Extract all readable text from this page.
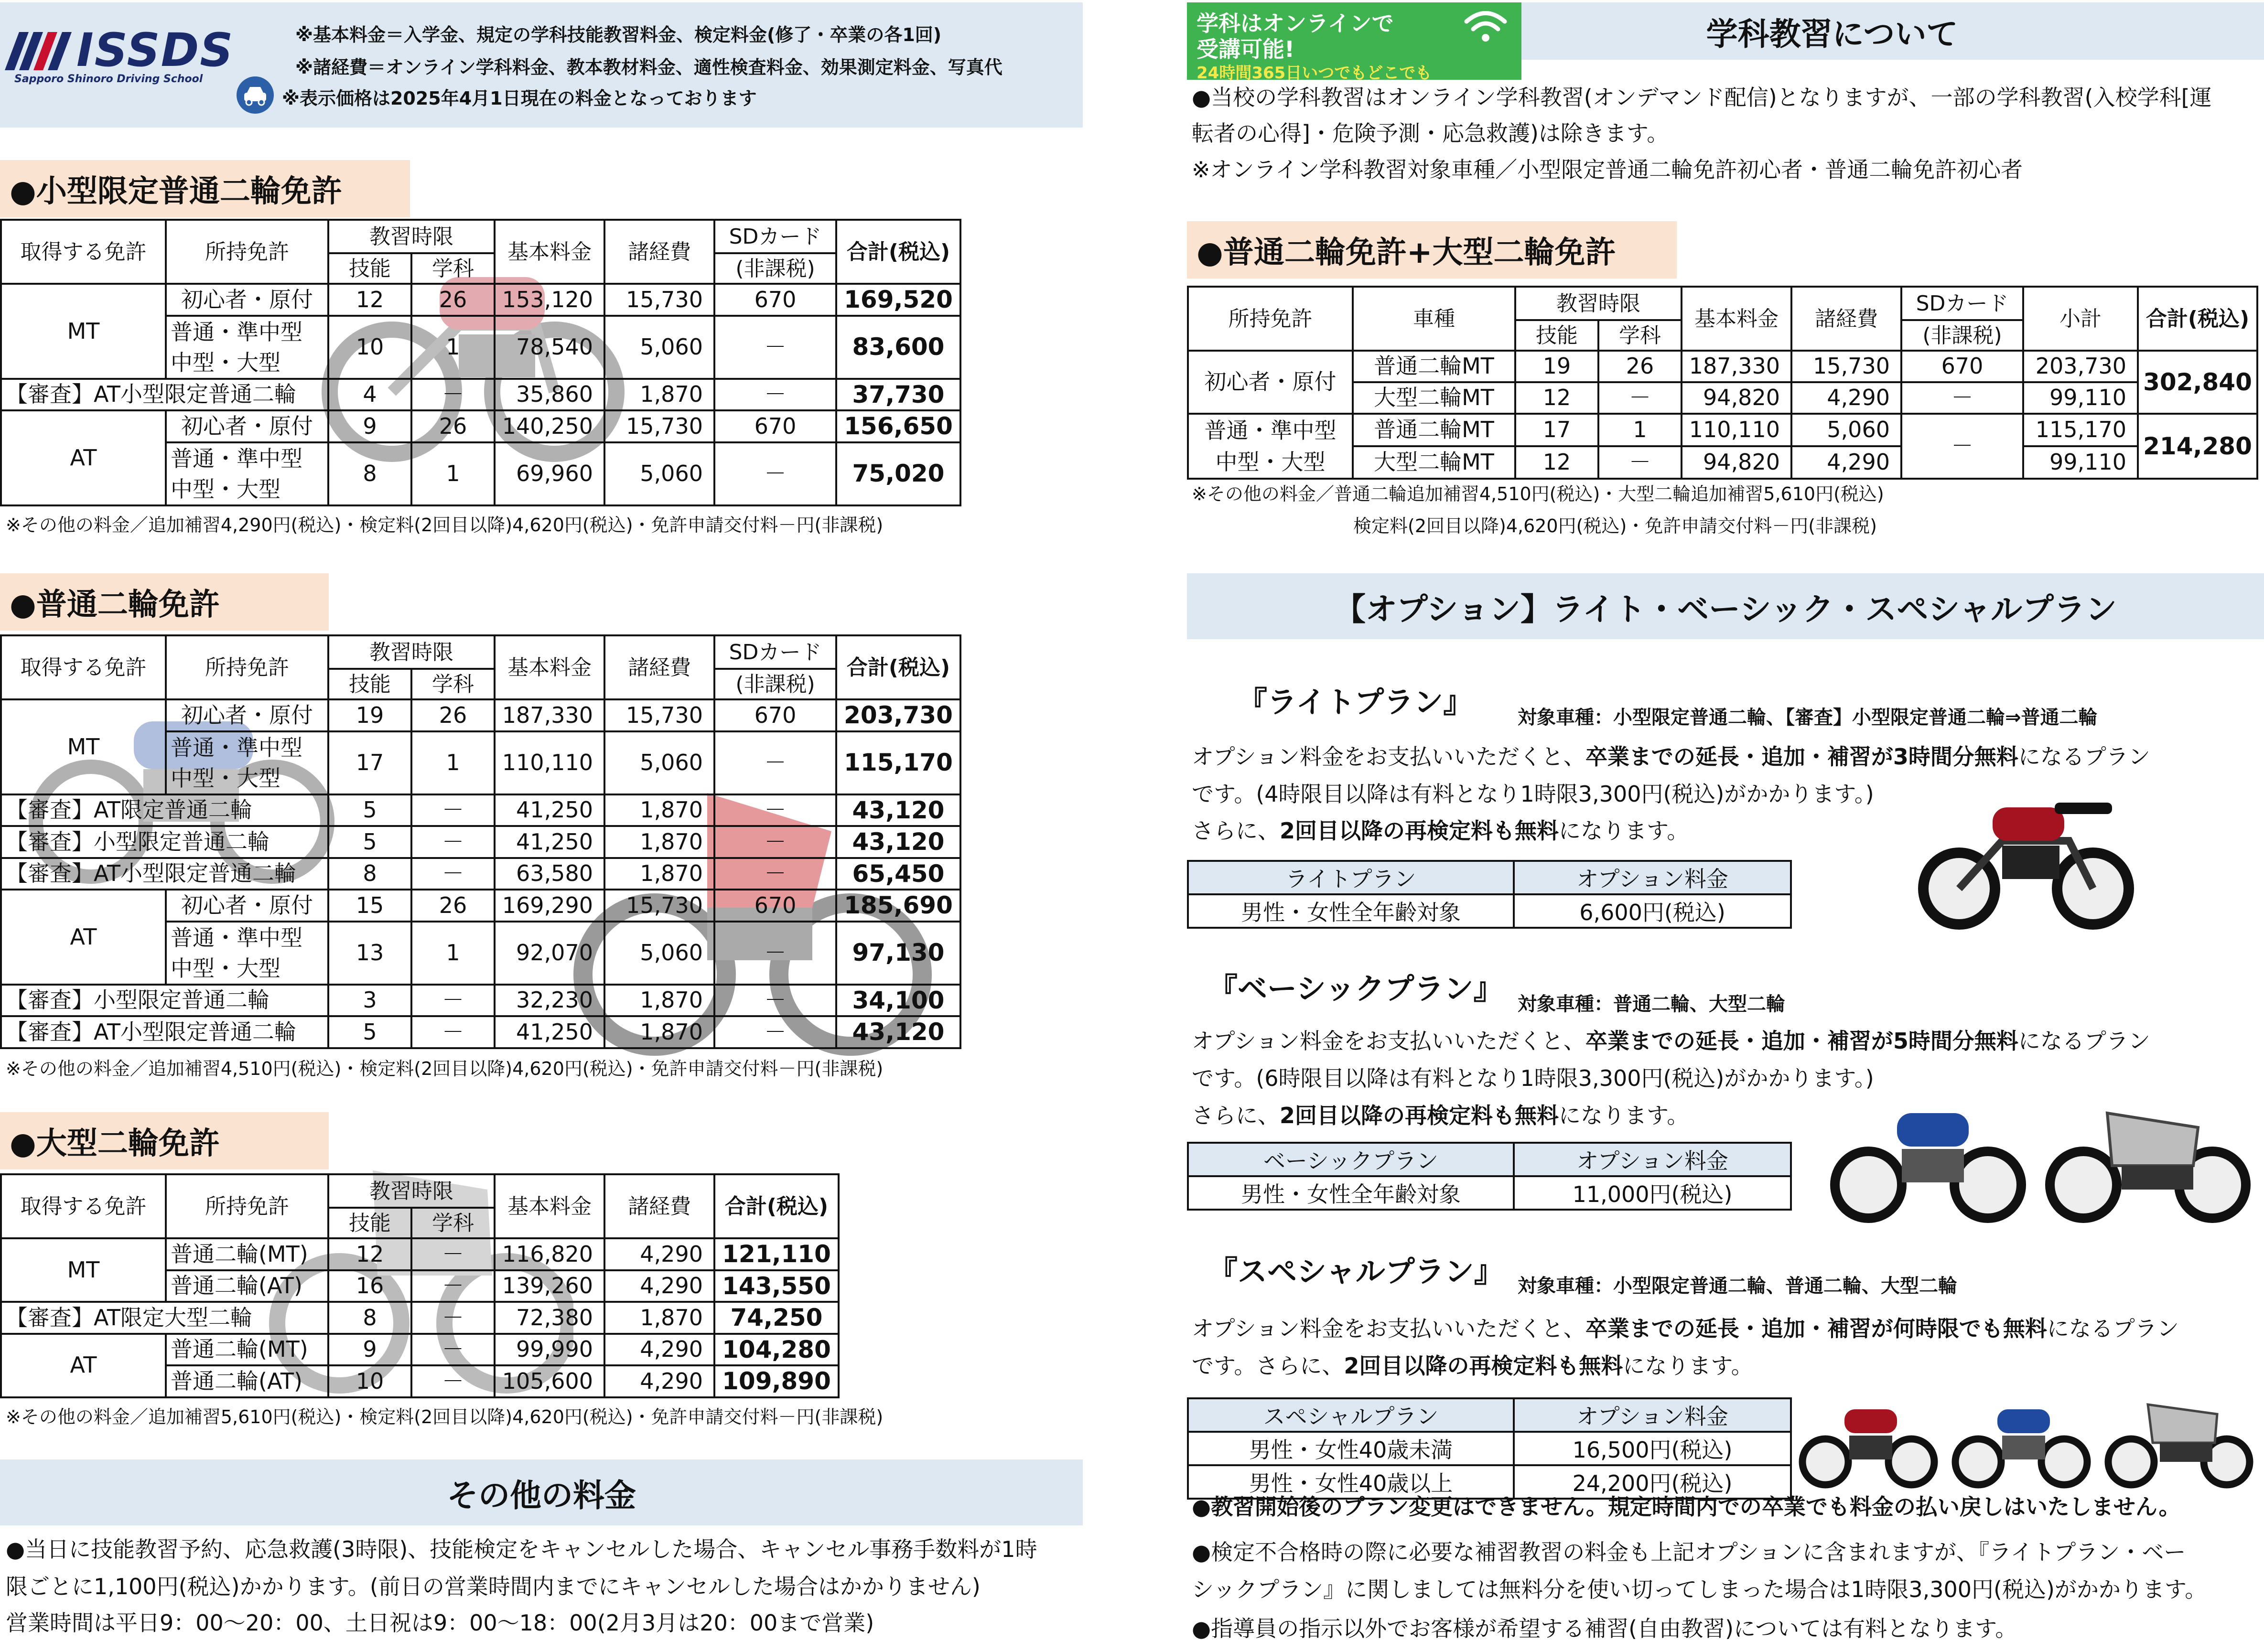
ISSDS
Sapporo Shinoro Driving School
※基本料金＝入学金、規定の学科技能教習料金、検定料金(修了・卒業の各1回)
※諸経費＝オンライン学科料金、教本教材料金、適性検査料金、効果測定料金、写真代
※表示価格は2025年4月1日現在の料金となっております
●小型限定普通二輪免許
取得する免許	所持免許	教習時限		基本料金	諸経費	SDカード	合計(税込)
		技能	学科			(非課税)	
MT	初心者・原付	12	26	153,120	15,730	670	169,520
	普通・準中型
中型・大型	10	1	78,540	5,060	－	83,600
【審査】AT小型限定普通二輪		4	－	35,860	1,870	－	37,730
AT	初心者・原付	9	26	140,250	15,730	670	156,650
	普通・準中型
中型・大型	8	1	69,960	5,060	－	75,020
※その他の料金／追加補習4,290円(税込)・検定料(2回目以降)4,620円(税込)・免許申請交付料－円(非課税)
●普通二輪免許
取得する免許	所持免許	教習時限		基本料金	諸経費	SDカード	合計(税込)
		技能	学科			(非課税)	
MT	初心者・原付	19	26	187,330	15,730	670	203,730
	普通・準中型
中型・大型	17	1	110,110	5,060	－	115,170
【審査】AT限定普通二輪		5	－	41,250	1,870	－	43,120
【審査】小型限定普通二輪		5	－	41,250	1,870	－	43,120
【審査】AT小型限定普通二輪		8	－	63,580	1,870	－	65,450
AT	初心者・原付	15	26	169,290	15,730	670	185,690
	普通・準中型
中型・大型	13	1	92,070	5,060	－	97,130
【審査】小型限定普通二輪		3	－	32,230	1,870	－	34,100
【審査】AT小型限定普通二輪		5	－	41,250	1,870	－	43,120
※その他の料金／追加補習4,510円(税込)・検定料(2回目以降)4,620円(税込)・免許申請交付料－円(非課税)
●大型二輪免許
取得する免許	所持免許	教習時限		基本料金	諸経費	合計(税込)
		技能	学科			
MT	普通二輪(MT)	12	－	116,820	4,290	121,110
	普通二輪(AT)	16	－	139,260	4,290	143,550
【審査】AT限定大型二輪		8	－	72,380	1,870	74,250
AT	普通二輪(MT)	9	－	99,990	4,290	104,280
	普通二輪(AT)	10	－	105,600	4,290	109,890
※その他の料金／追加補習5,610円(税込)・検定料(2回目以降)4,620円(税込)・免許申請交付料－円(非課税)
その他の料金
●当日に技能教習予約、応急救護(3時限)、技能検定をキャンセルした場合、キャンセル事務手数料が1時
限ごとに1,100円(税込)かかります。(前日の営業時間内までにキャンセルした場合はかかりません)
営業時間は平日9：00～20：00、土日祝は9：00～18：00(2月3月は20：00まで営業)
学科はオンラインで
受講可能!
24時間365日いつでもどこでも
学科教習について
●当校の学科教習はオンライン学科教習(オンデマンド配信)となりますが、一部の学科教習(入校学科[運
転者の心得]・危険予測・応急救護)は除きます。
※オンライン学科教習対象車種／小型限定普通二輪免許初心者・普通二輪免許初心者
●普通二輪免許+大型二輪免許
所持免許	車種	教習時限		基本料金	諸経費	SDカード	小計	合計(税込)
		技能	学科			(非課税)		
初心者・原付	普通二輪MT	19	26	187,330	15,730	670	203,730	302,840
	大型二輪MT	12	－	94,820	4,290	－	99,110	
普通・準中型
中型・大型	普通二輪MT	17	1	110,110	5,060	－	115,170	214,280
	大型二輪MT	12	－	94,820	4,290		99,110	
※その他の料金／普通二輪追加補習4,510円(税込)・大型二輪追加補習5,610円(税込)
検定料(2回目以降)4,620円(税込)・免許申請交付料－円(非課税)
【オプション】ライト・ベーシック・スペシャルプラン
『ライトプラン』 対象車種：小型限定普通二輪、【審査】小型限定普通二輪⇒普通二輪
オプション料金をお支払いいただくと、卒業までの延長・追加・補習が3時間分無料になるプラン
です。(4時限目以降は有料となり1時限3,300円(税込)がかかります。)
さらに、2回目以降の再検定料も無料になります。
ライトプラン	オプション料金
男性・女性全年齢対象	6,600円(税込)
『ベーシックプラン』 対象車種：普通二輪、大型二輪
オプション料金をお支払いいただくと、卒業までの延長・追加・補習が5時間分無料になるプラン
です。(6時限目以降は有料となり1時限3,300円(税込)がかかります。)
さらに、2回目以降の再検定料も無料になります。
ベーシックプラン	オプション料金
男性・女性全年齢対象	11,000円(税込)
『スペシャルプラン』 対象車種：小型限定普通二輪、普通二輪、大型二輪
オプション料金をお支払いいただくと、卒業までの延長・追加・補習が何時限でも無料になるプラン
です。さらに、2回目以降の再検定料も無料になります。
スペシャルプラン	オプション料金
男性・女性40歳未満	16,500円(税込)
男性・女性40歳以上	24,200円(税込)
●教習開始後のプラン変更はできません。規定時間内での卒業でも料金の払い戻しはいたしません。
●検定不合格時の際に必要な補習教習の料金も上記オプションに含まれますが、『ライトプラン・ベー
シックプラン』に関しましては無料分を使い切ってしまった場合は1時限3,300円(税込)がかかります。
●指導員の指示以外でお客様が希望する補習(自由教習)については有料となります。
